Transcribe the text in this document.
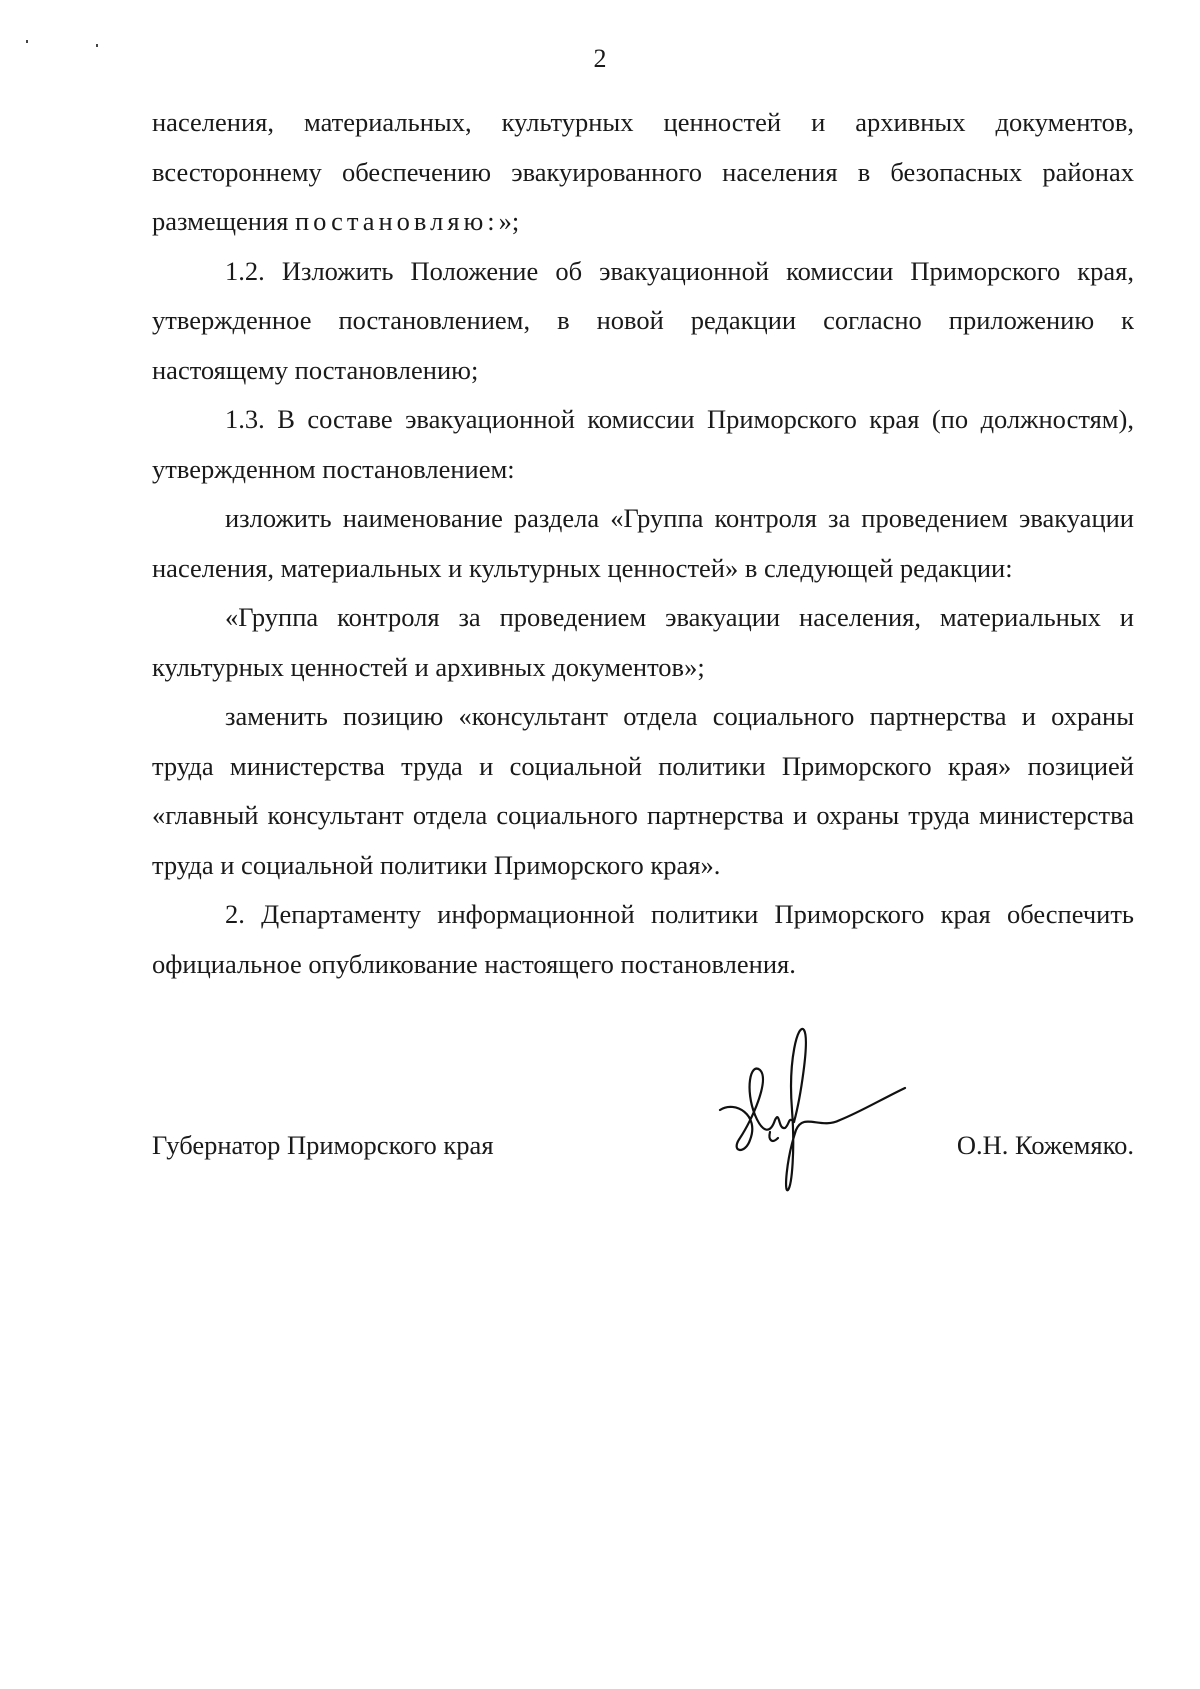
2

населения, материальных, культурных ценностей и архивных документов, всестороннему обеспечению эвакуированного населения в безопасных районах размещения постановляю:»;

1.2. Изложить Положение об эвакуационной комиссии Приморского края, утвержденное постановлением, в новой редакции согласно приложению к настоящему постановлению;

1.3. В составе эвакуационной комиссии Приморского края (по должностям), утвержденном постановлением:

изложить наименование раздела «Группа контроля за проведением эвакуации населения, материальных и культурных ценностей» в следующей редакции:

«Группа контроля за проведением эвакуации населения, материальных и культурных ценностей и архивных документов»;

заменить позицию «консультант отдела социального партнерства и охраны труда министерства труда и социальной политики Приморского края» позицией «главный консультант отдела социального партнерства и охраны труда министерства труда и социальной политики Приморского края».

2. Департаменту информационной политики Приморского края обеспечить официальное опубликование настоящего постановления.

Губернатор Приморского края	О.Н. Кожемяко.
